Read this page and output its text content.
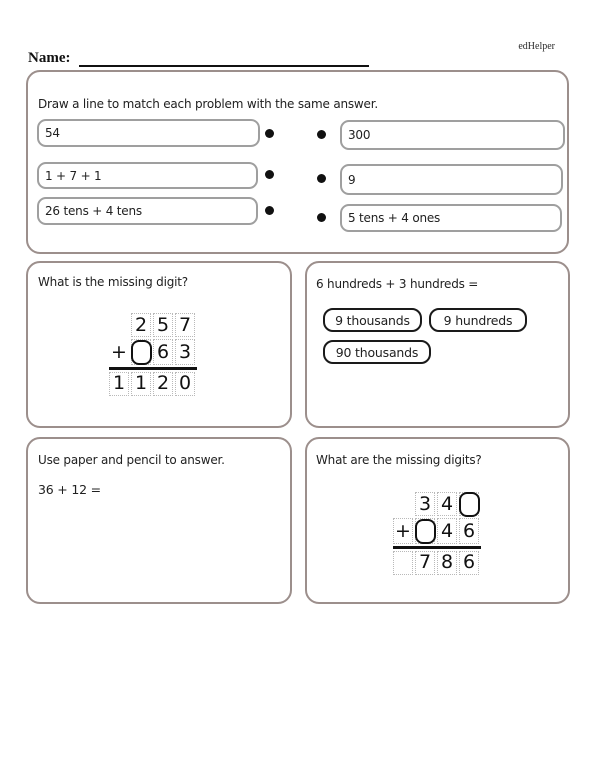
edHelper
Name:
Draw a line to match each problem with the same answer.
54
1 + 7 + 1
26 tens + 4 tens
300
9
5 tens + 4 ones
What is the missing digit?
2 5 7
+ 6 3
1 1 2 0
6 hundreds + 3 hundreds =
9 thousands	9 hundreds
90 thousands
Use paper and pencil to answer.
36 + 12 =
What are the missing digits?
3 4
+ 4 6
7 8 6
